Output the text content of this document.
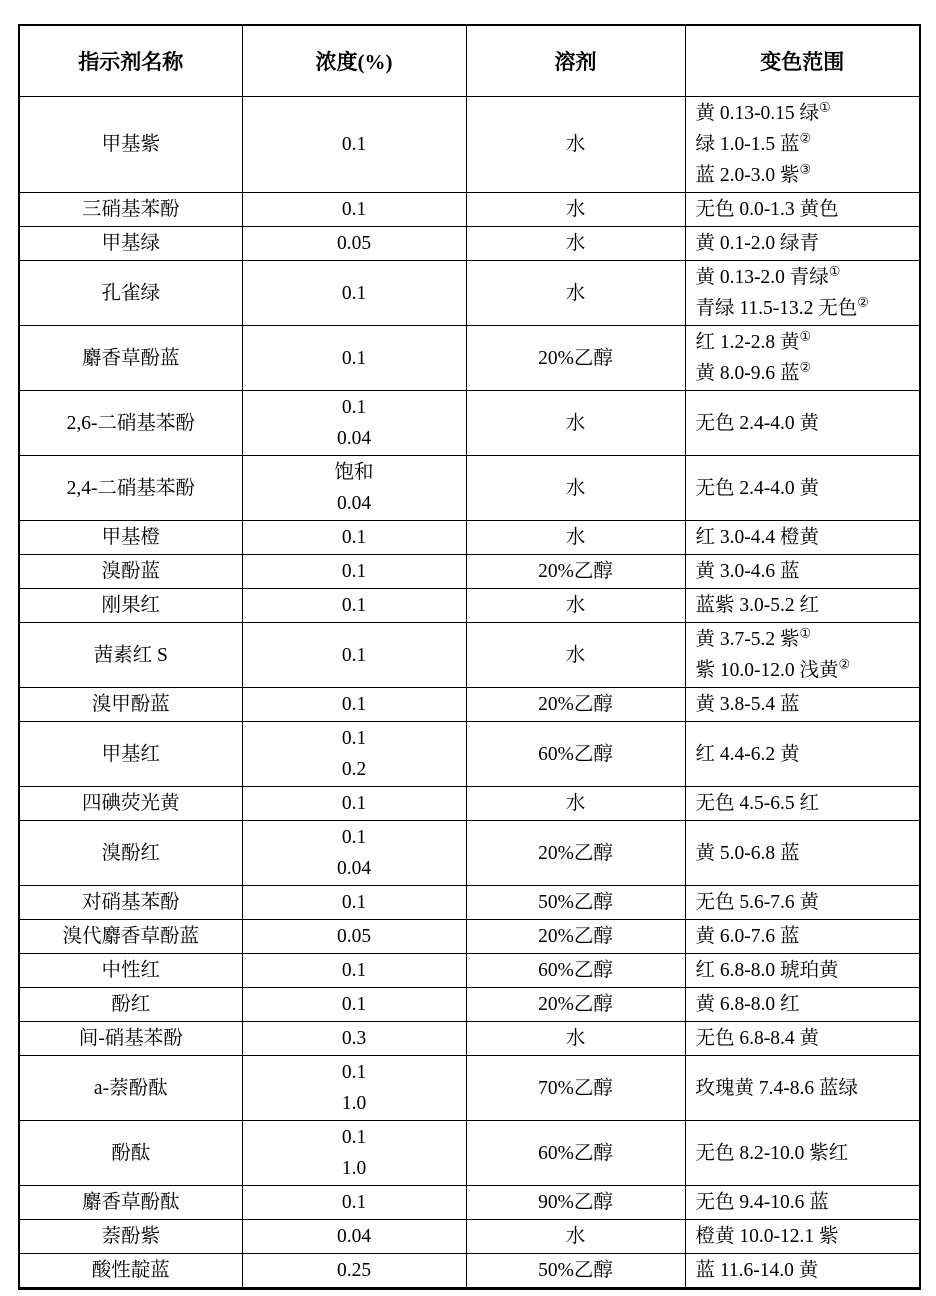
指示剂名称	浓度(%)	溶剂	变色范围

甲基紫	0.1	水	黄 0.13-0.15 绿①
绿 1.0-1.5 蓝②
蓝 2.0-3.0 紫③

三硝基苯酚	0.1	水	无色 0.0-1.3 黄色

甲基绿	0.05	水	黄 0.1-2.0 绿青

孔雀绿	0.1	水	黄 0.13-2.0 青绿①
青绿 11.5-13.2 无色②

麝香草酚蓝	0.1	20%乙醇	红 1.2-2.8 黄①
黄 8.0-9.6 蓝②

2,6-二硝基苯酚	0.1
0.04	水	无色 2.4-4.0 黄

2,4-二硝基苯酚	饱和
0.04	水	无色 2.4-4.0 黄

甲基橙	0.1	水	红 3.0-4.4 橙黄

溴酚蓝	0.1	20%乙醇	黄 3.0-4.6 蓝

刚果红	0.1	水	蓝紫 3.0-5.2 红

茜素红 S	0.1	水	黄 3.7-5.2 紫①
紫 10.0-12.0 浅黄②

溴甲酚蓝	0.1	20%乙醇	黄 3.8-5.4 蓝

甲基红	0.1
0.2	60%乙醇	红 4.4-6.2 黄

四碘荧光黄	0.1	水	无色 4.5-6.5 红

溴酚红	0.1
0.04	20%乙醇	黄 5.0-6.8 蓝

对硝基苯酚	0.1	50%乙醇	无色 5.6-7.6 黄

溴代麝香草酚蓝	0.05	20%乙醇	黄 6.0-7.6 蓝

中性红	0.1	60%乙醇	红 6.8-8.0 琥珀黄

酚红	0.1	20%乙醇	黄 6.8-8.0 红

间-硝基苯酚	0.3	水	无色 6.8-8.4 黄

a-萘酚酞	0.1
1.0	70%乙醇	玫瑰黄 7.4-8.6 蓝绿

酚酞	0.1
1.0	60%乙醇	无色 8.2-10.0 紫红

麝香草酚酞	0.1	90%乙醇	无色 9.4-10.6 蓝

萘酚紫	0.04	水	橙黄 10.0-12.1 紫

酸性靛蓝	0.25	50%乙醇	蓝 11.6-14.0 黄
